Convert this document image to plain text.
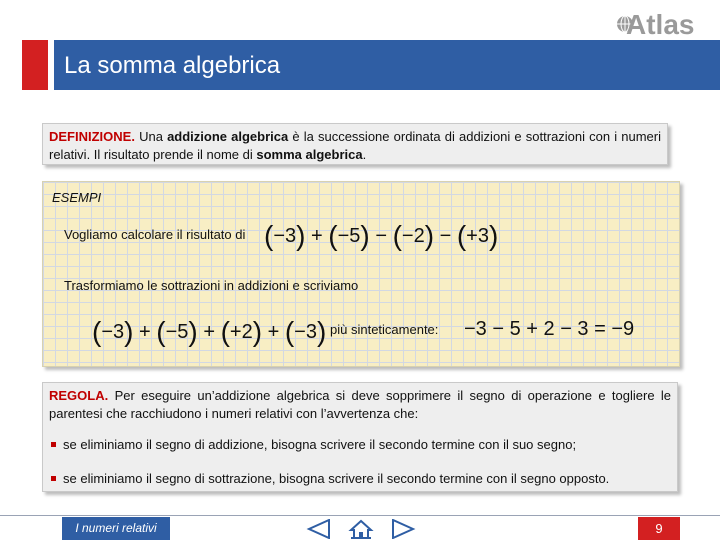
Atlas
La somma algebrica
DEFINIZIONE. Una addizione algebrica è la successione ordinata di addizioni e sottrazioni con i numeri relativi. Il risultato prende il nome di somma algebrica.
ESEMPI
Vogliamo calcolare il risultato di (−3) + (−5) − (−2) − (+3)
Trasformiamo le sottrazioni in addizioni e scriviamo
(−3) + (−5) + (+2) + (−3) più sinteticamente: −3 − 5 + 2 − 3 = −9
REGOLA. Per eseguire un’addizione algebrica si deve sopprimere il segno di operazione e togliere le parentesi che racchiudono i numeri relativi con l’avvertenza che:
se eliminiamo il segno di addizione, bisogna scrivere il secondo termine con il suo segno;
se eliminiamo il segno di sottrazione, bisogna scrivere il secondo termine con il segno opposto.
I numeri relativi	9
